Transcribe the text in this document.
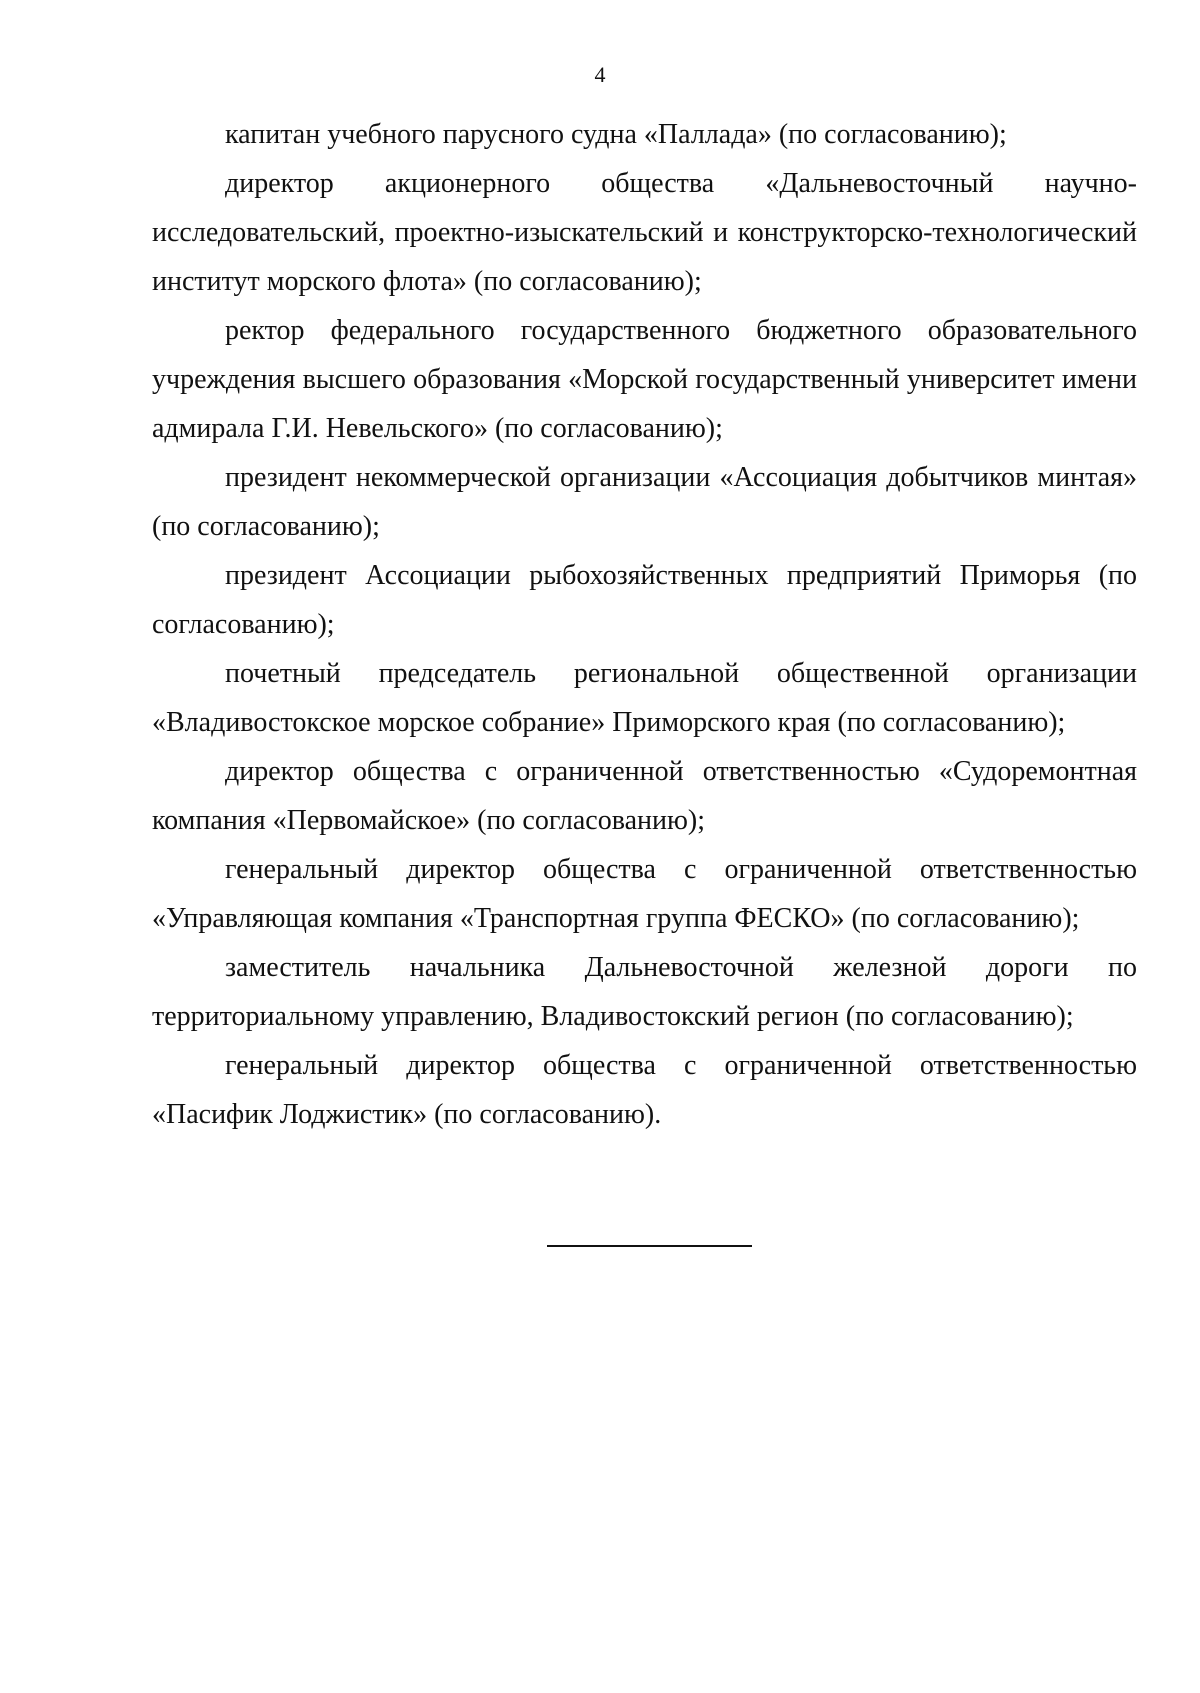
4

капитан учебного парусного судна «Паллада» (по согласованию);

директор акционерного общества «Дальневосточный научно-исследовательский, проектно-изыскательский и конструкторско-технологический институт морского флота» (по согласованию);

ректор федерального государственного бюджетного образовательного учреждения высшего образования «Морской государственный университет имени адмирала Г.И. Невельского» (по согласованию);

президент некоммерческой организации «Ассоциация добытчиков минтая» (по согласованию);

президент Ассоциации рыбохозяйственных предприятий Приморья (по согласованию);

почетный председатель региональной общественной организации «Владивостокское морское собрание» Приморского края (по согласованию);

директор общества с ограниченной ответственностью «Судоремонтная компания «Первомайское» (по согласованию);

генеральный директор общества с ограниченной ответственностью «Управляющая компания «Транспортная группа ФЕСКО» (по согласованию);

заместитель начальника Дальневосточной железной дороги по территориальному управлению, Владивостокский регион (по согласованию);

генеральный директор общества с ограниченной ответственностью «Пасифик Лоджистик» (по согласованию).
